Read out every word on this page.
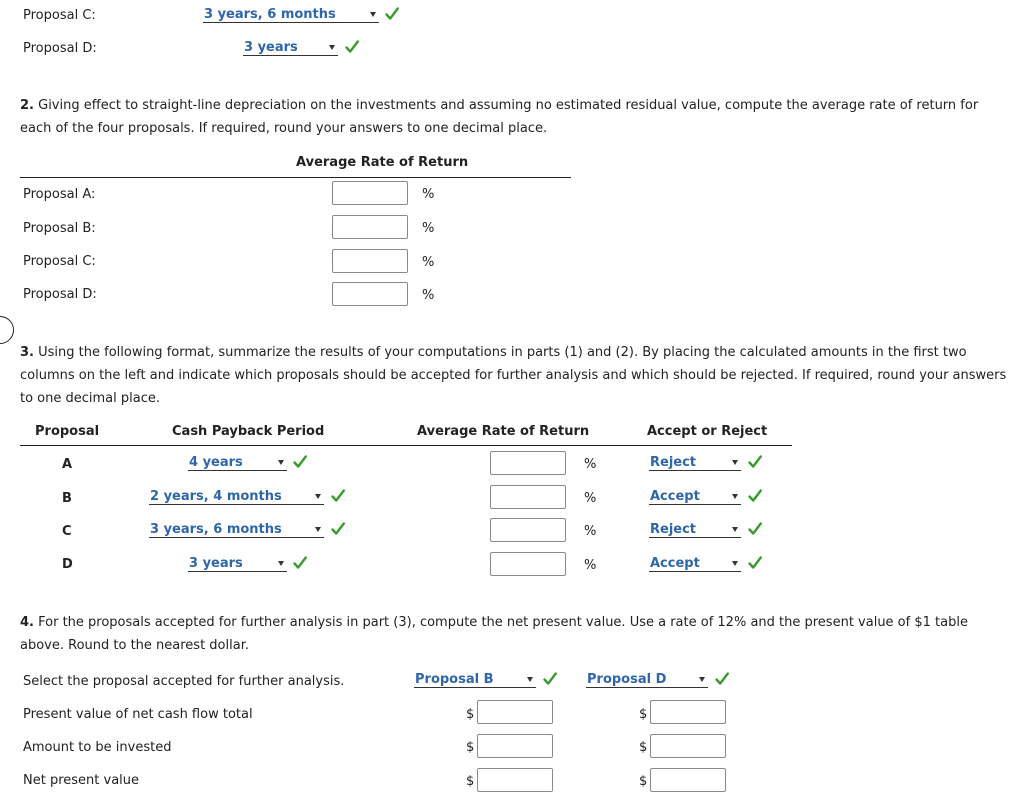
Proposal C:	3 years, 6 months
Proposal D:	3 years
2. Giving effect to straight-line depreciation on the investments and assuming no estimated residual value, compute the average rate of return for each of the four proposals. If required, round your answers to one decimal place.
Average Rate of Return
Proposal A:	%
Proposal B:	%
Proposal C:	%
Proposal D:	%
3. Using the following format, summarize the results of your computations in parts (1) and (2). By placing the calculated amounts in the first two columns on the left and indicate which proposals should be accepted for further analysis and which should be rejected. If required, round your answers to one decimal place.
Proposal	Cash Payback Period	Average Rate of Return	Accept or Reject
A	4 years	%	Reject
B	2 years, 4 months	%	Accept
C	3 years, 6 months	%	Reject
D	3 years	%	Accept
4. For the proposals accepted for further analysis in part (3), compute the net present value. Use a rate of 12% and the present value of $1 table above. Round to the nearest dollar.
Select the proposal accepted for further analysis.	Proposal B	Proposal D
Present value of net cash flow total	$	$
Amount to be invested	$	$
Net present value	$	$
